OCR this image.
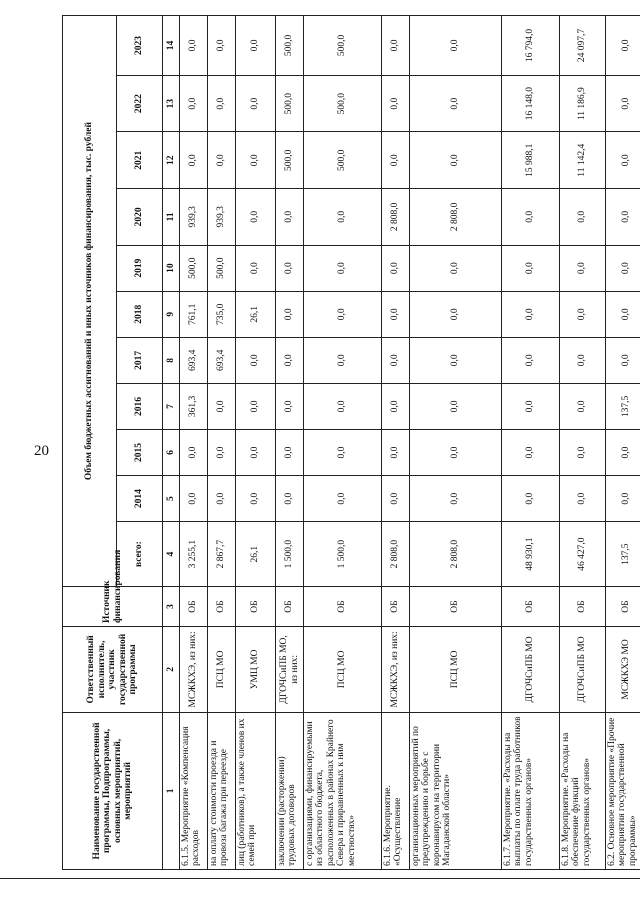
20
Наименование государственной программы, Подпрограммы, основных мероприятий, мероприятий	Ответственный исполнитель, участник государственной программы	Источник финансирования	Объем бюджетных ассигнований и иных источников финансирования, тыс. рублей										
			всего:	2014	2015	2016	2017	2018	2019	2020	2021	2022	2023
1	2	3	4	5	6	7	8	9	10	11	12	13	14
6.1.5. Мероприятие «Компенсация расходов	МСЖКХЭ, из них:	ОБ	3 255,1	0,0	0,0	361,3	693,4	761,1	500,0	939,3	0,0	0,0	0,0
на оплату стоимости проезда и провоза багажа при переезде	ПСЦ МО	ОБ	2 867,7	0,0	0,0	0,0	693,4	735,0	500,0	939,3	0,0	0,0	0,0
лиц (работников), а также членов их семей при	УМЦ МО	ОБ	26,1	0,0	0,0	0,0	0,0	26,1	0,0	0,0	0,0	0,0	0,0
заключении (расторжении) трудовых договоров	ДГОЧСиПБ МО, из них:	ОБ	1 500,0	0,0	0,0	0,0	0,0	0,0	0,0	0,0	500,0	500,0	500,0
с организациями, финансируемыми из областного бюджета, расположенных в районах Крайнего Севера и приравненных к ним местностях»	ПСЦ МО	ОБ	1 500,0	0,0	0,0	0,0	0,0	0,0	0,0	0,0	500,0	500,0	500,0
6.1.6. Мероприятие. «Осуществление	МСЖКХЭ, из них:	ОБ	2 808,0	0,0	0,0	0,0	0,0	0,0	0,0	2 808,0	0,0	0,0	0,0
организационных мероприятий по предупреждению и борьбе с коронавирусом на территории Магаданской области»	ПСЦ МО	ОБ	2 808,0	0,0	0,0	0,0	0,0	0,0	0,0	2 808,0	0,0	0,0	0,0
6.1.7. Мероприятие. «Расходы на выплаты по оплате труда работников государственных органов»	ДГОЧСиПБ МО	ОБ	48 930,1	0,0	0,0	0,0	0,0	0,0	0,0	0,0	15 988,1	16 148,0	16 794,0
6.1.8. Мероприятие. «Расходы на обеспечение функций государственных органов»	ДГОЧСиПБ МО	ОБ	46 427,0	0,0	0,0	0,0	0,0	0,0	0,0	0,0	11 142,4	11 186,9	24 097,7
6.2. Основное мероприятие «Прочие мероприятия государственной программы»	МСЖКХЭ МО	ОБ	137,5	0,0	0,0	137,5	0,0	0,0	0,0	0,0	0,0	0,0	0,0
